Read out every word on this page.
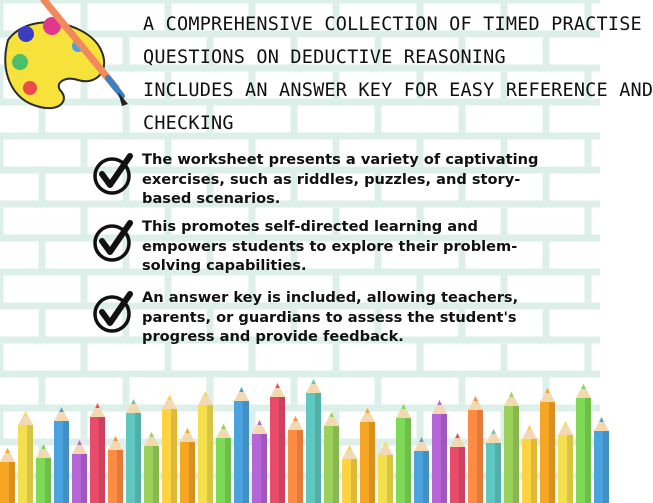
A COMPREHENSIVE COLLECTION OF TIMED PRACTISE
QUESTIONS ON DEDUCTIVE REASONING
INCLUDES AN ANSWER KEY FOR EASY REFERENCE AND
CHECKING
The worksheet presents a variety of captivating exercises, such as riddles, puzzles, and story-based scenarios.
This promotes self-directed learning and empowers students to explore their problem-solving capabilities.
An answer key is included, allowing teachers, parents, or guardians to assess the student's progress and provide feedback.
